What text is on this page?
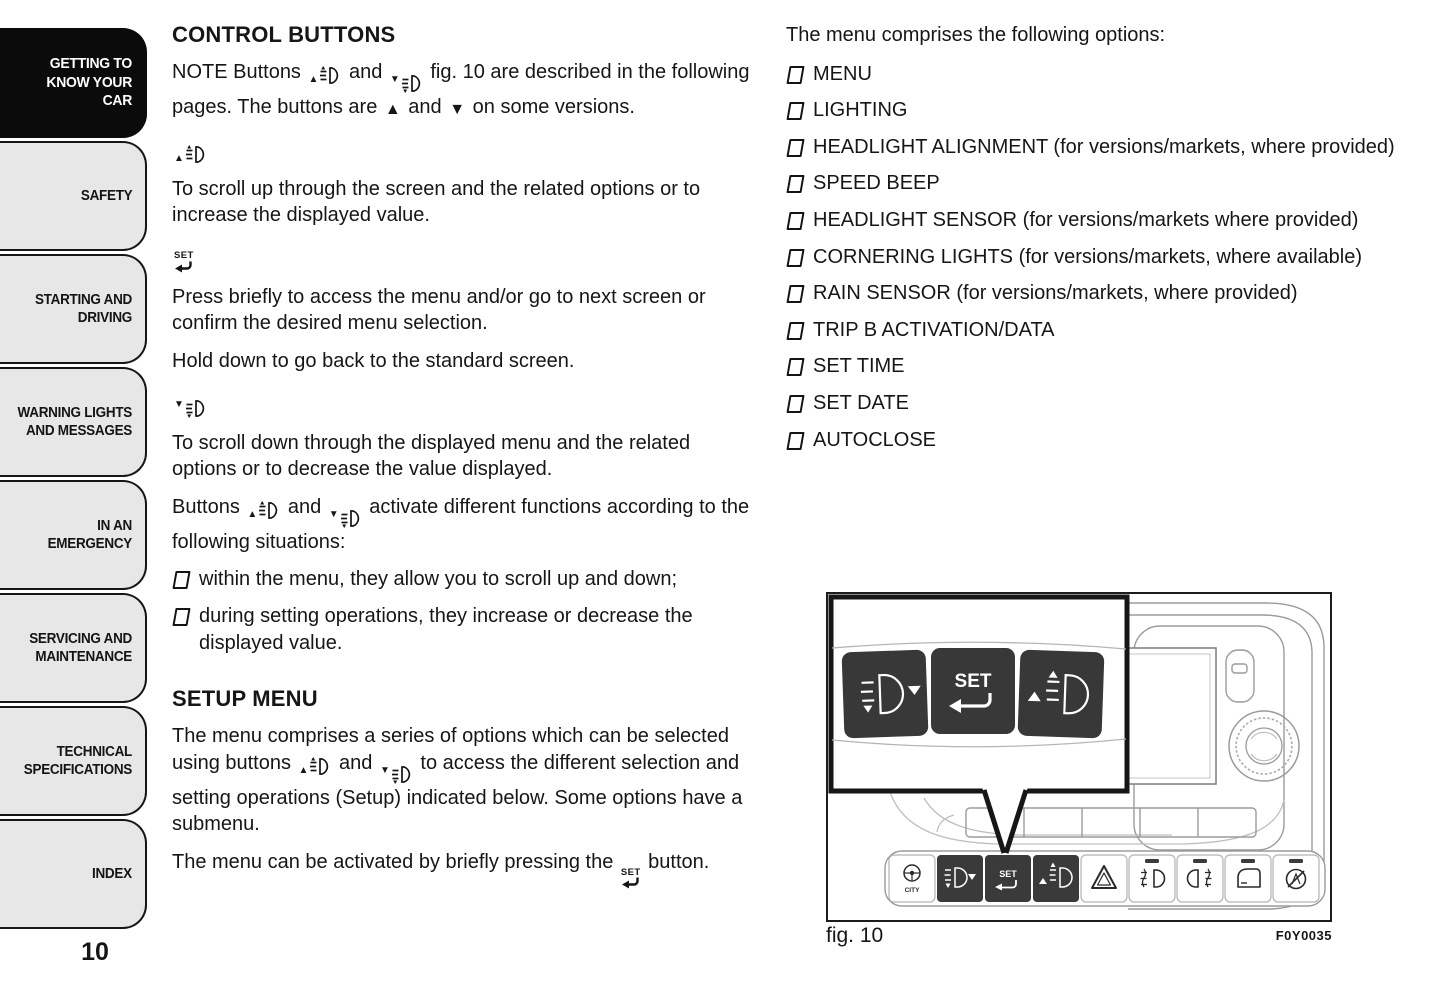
GETTING TO KNOW YOUR CAR
SAFETY
STARTING AND DRIVING
WARNING LIGHTS AND MESSAGES
IN AN EMERGENCY
SERVICING AND MAINTENANCE
TECHNICAL SPECIFICATIONS
INDEX
10
CONTROL BUTTONS

NOTE Buttons ▲ and ▼ fig. 10 are described in the following pages. The buttons are ▲ and ▼ on some versions.

▲

To scroll up through the screen and the related options or to increase the displayed value.

SET

Press briefly to access the menu and/or go to next screen or confirm the desired menu selection.

Hold down to go back to the standard screen.

▼

To scroll down through the displayed menu and the related options or to decrease the value displayed.

Buttons ▲ and ▼ activate different functions according to the following situations:

within the menu, they allow you to scroll up and down;
during setting operations, they increase or decrease the displayed value.
SETUP MENU

The menu comprises a series of options which can be selected using buttons ▲ and ▼ to access the different selection and setting operations (Setup) indicated below. Some options have a submenu.

The menu can be activated by briefly pressing the SET button.

The menu comprises the following options:

MENU
LIGHTING
HEADLIGHT ALIGNMENT (for versions/markets, where provided)
SPEED BEEP
HEADLIGHT SENSOR (for versions/markets where provided)
CORNERING LIGHTS (for versions/markets, where available)
RAIN SENSOR (for versions/markets, where provided)
TRIP B ACTIVATION/DATA
SET TIME
SET DATE
AUTOCLOSE
CITY
SET
SET
fig. 10	F0Y0035
